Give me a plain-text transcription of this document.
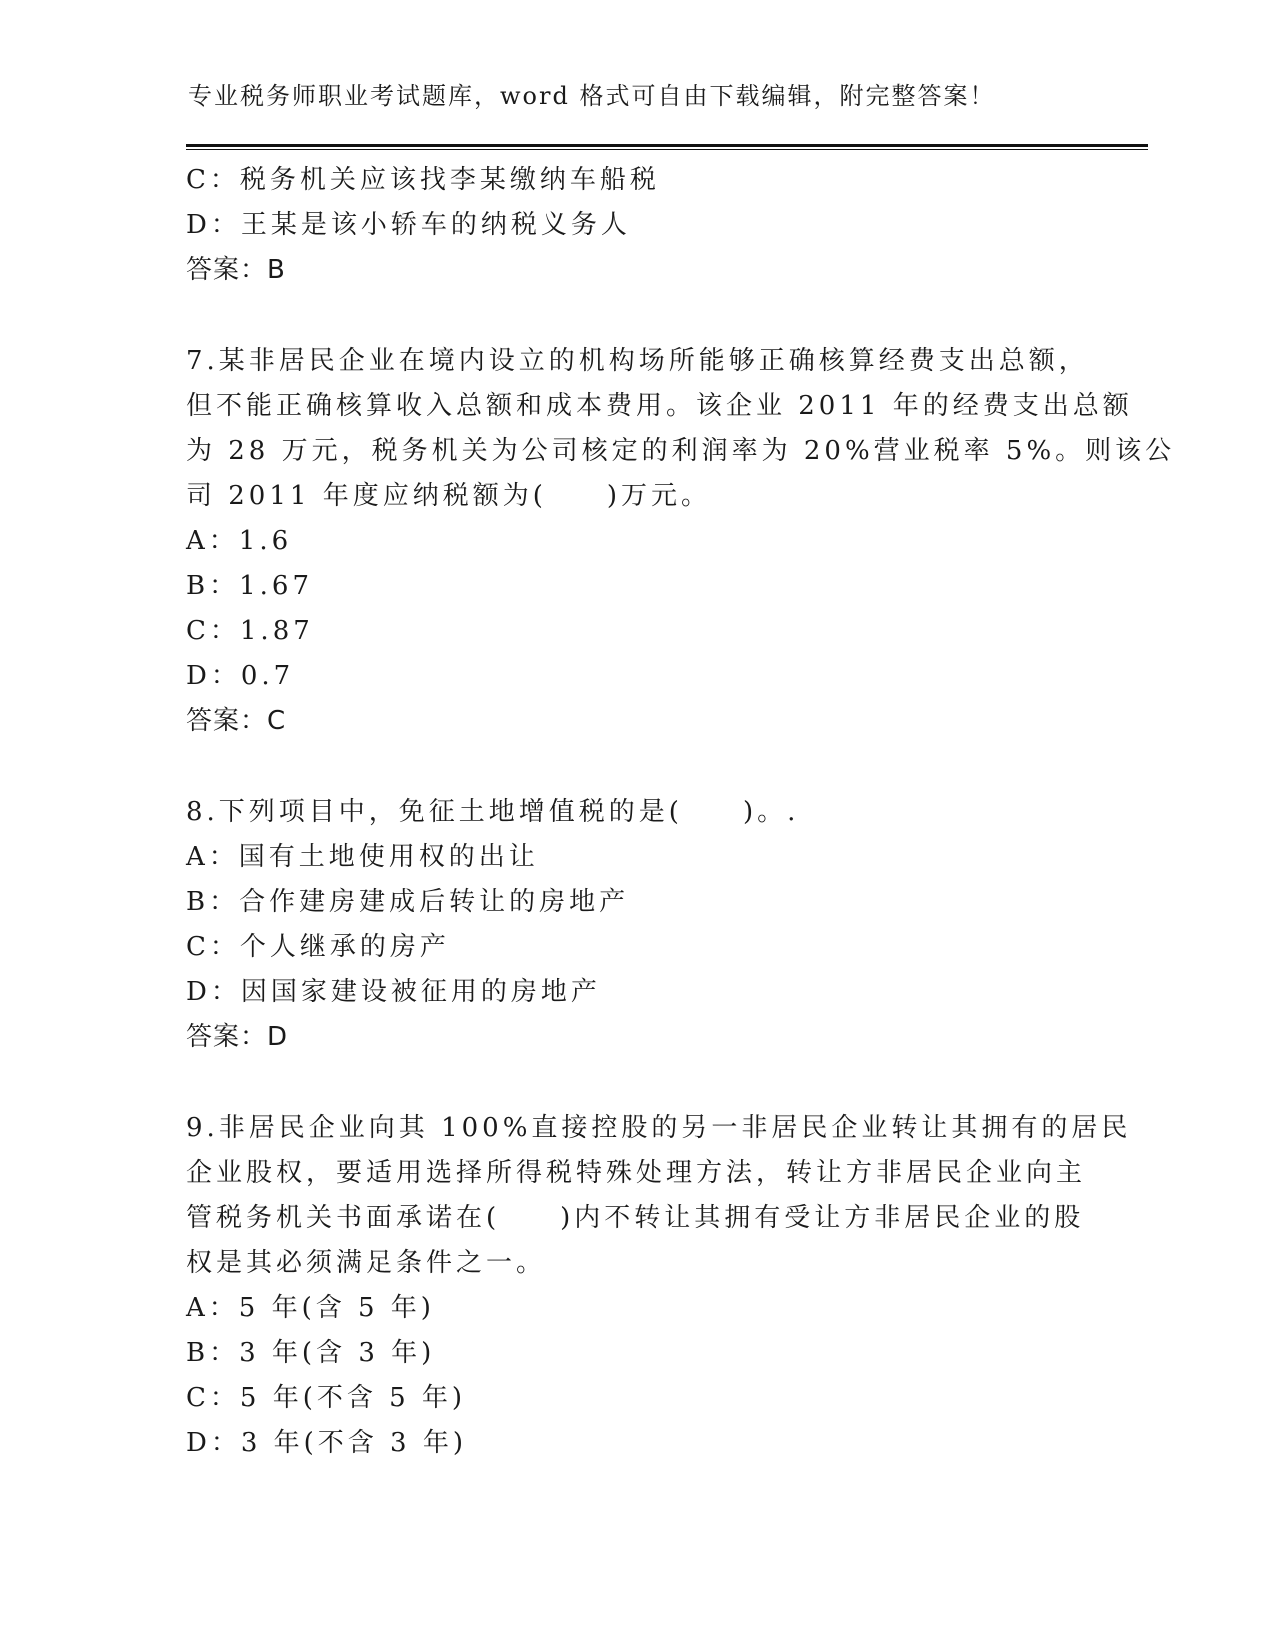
专业税务师职业考试题库，word 格式可自由下载编辑，附完整答案！
C：税务机关应该找李某缴纳车船税
D：王某是该小轿车的纳税义务人
答案：B
7.某非居民企业在境内设立的机构场所能够正确核算经费支出总额，
但不能正确核算收入总额和成本费用。该企业 2011 年的经费支出总额
为 28 万元，税务机关为公司核定的利润率为 20%营业税率 5%。则该公
司 2011 年度应纳税额为(　　)万元。
A：1.6
B：1.67
C：1.87
D：0.7
答案：C
8.下列项目中，免征土地增值税的是(　　)。.
A：国有土地使用权的出让
B：合作建房建成后转让的房地产
C：个人继承的房产
D：因国家建设被征用的房地产
答案：D
9.非居民企业向其 100%直接控股的另一非居民企业转让其拥有的居民
企业股权，要适用选择所得税特殊处理方法，转让方非居民企业向主
管税务机关书面承诺在(　　)内不转让其拥有受让方非居民企业的股
权是其必须满足条件之一。
A：5 年(含 5 年)
B：3 年(含 3 年)
C：5 年(不含 5 年)
D：3 年(不含 3 年)
